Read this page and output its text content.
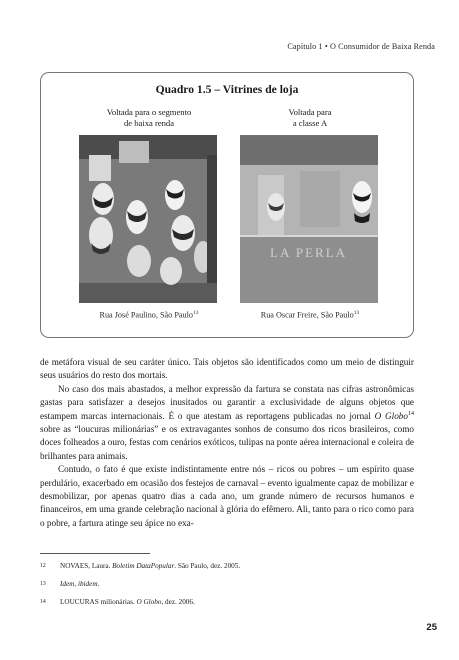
Capítulo 1 • O Consumidor de Baixa Renda
Quadro 1.5 – Vitrines de loja
Voltada para o segmento
de baixa renda
Rua José Paulino, São Paulo$^{13}$
Voltada para
a classe A
LA PERLA
Rua Oscar Freire, São Paulo$^{13}$

de metáfora visual de seu caráter único. Tais objetos são identificados como um meio de distinguir seus usuários do resto dos mortais.

No caso dos mais abastados, a melhor expressão da fartura se constata nas cifras astronômicas gastas para satisfazer a desejos inusitados ou garantir a exclusividade de alguns objetos que estampem marcas internacionais. É o que atestam as reportagens publicadas no jornal O Globo$^{14}$ sobre as “loucuras milionárias” e os extravagantes sonhos de consumo dos ricos brasileiros, como doces folheados a ouro, festas com cenários exóticos, tulipas na ponte aérea internacional e coleira de brilhantes para animais.

Contudo, o fato é que existe indistintamente entre nós – ricos ou pobres – um espírito quase perdulário, exacerbado em ocasião dos festejos de carnaval – evento igualmente capaz de mobilizar e desmobilizar, por apenas quatro dias a cada ano, um grande número de recursos humanos e financeiros, em uma grande celebração nacional à glória do efêmero. Ali, tanto para o rico como para o pobre, a fartura atinge seu ápice no exa-

12	NOVAES, Laura. Boletim DataPopular. São Paulo, dez. 2005.
13	Idem, ibidem.
14	LOUCURAS milionárias. O Globo, dez. 2006.
25
